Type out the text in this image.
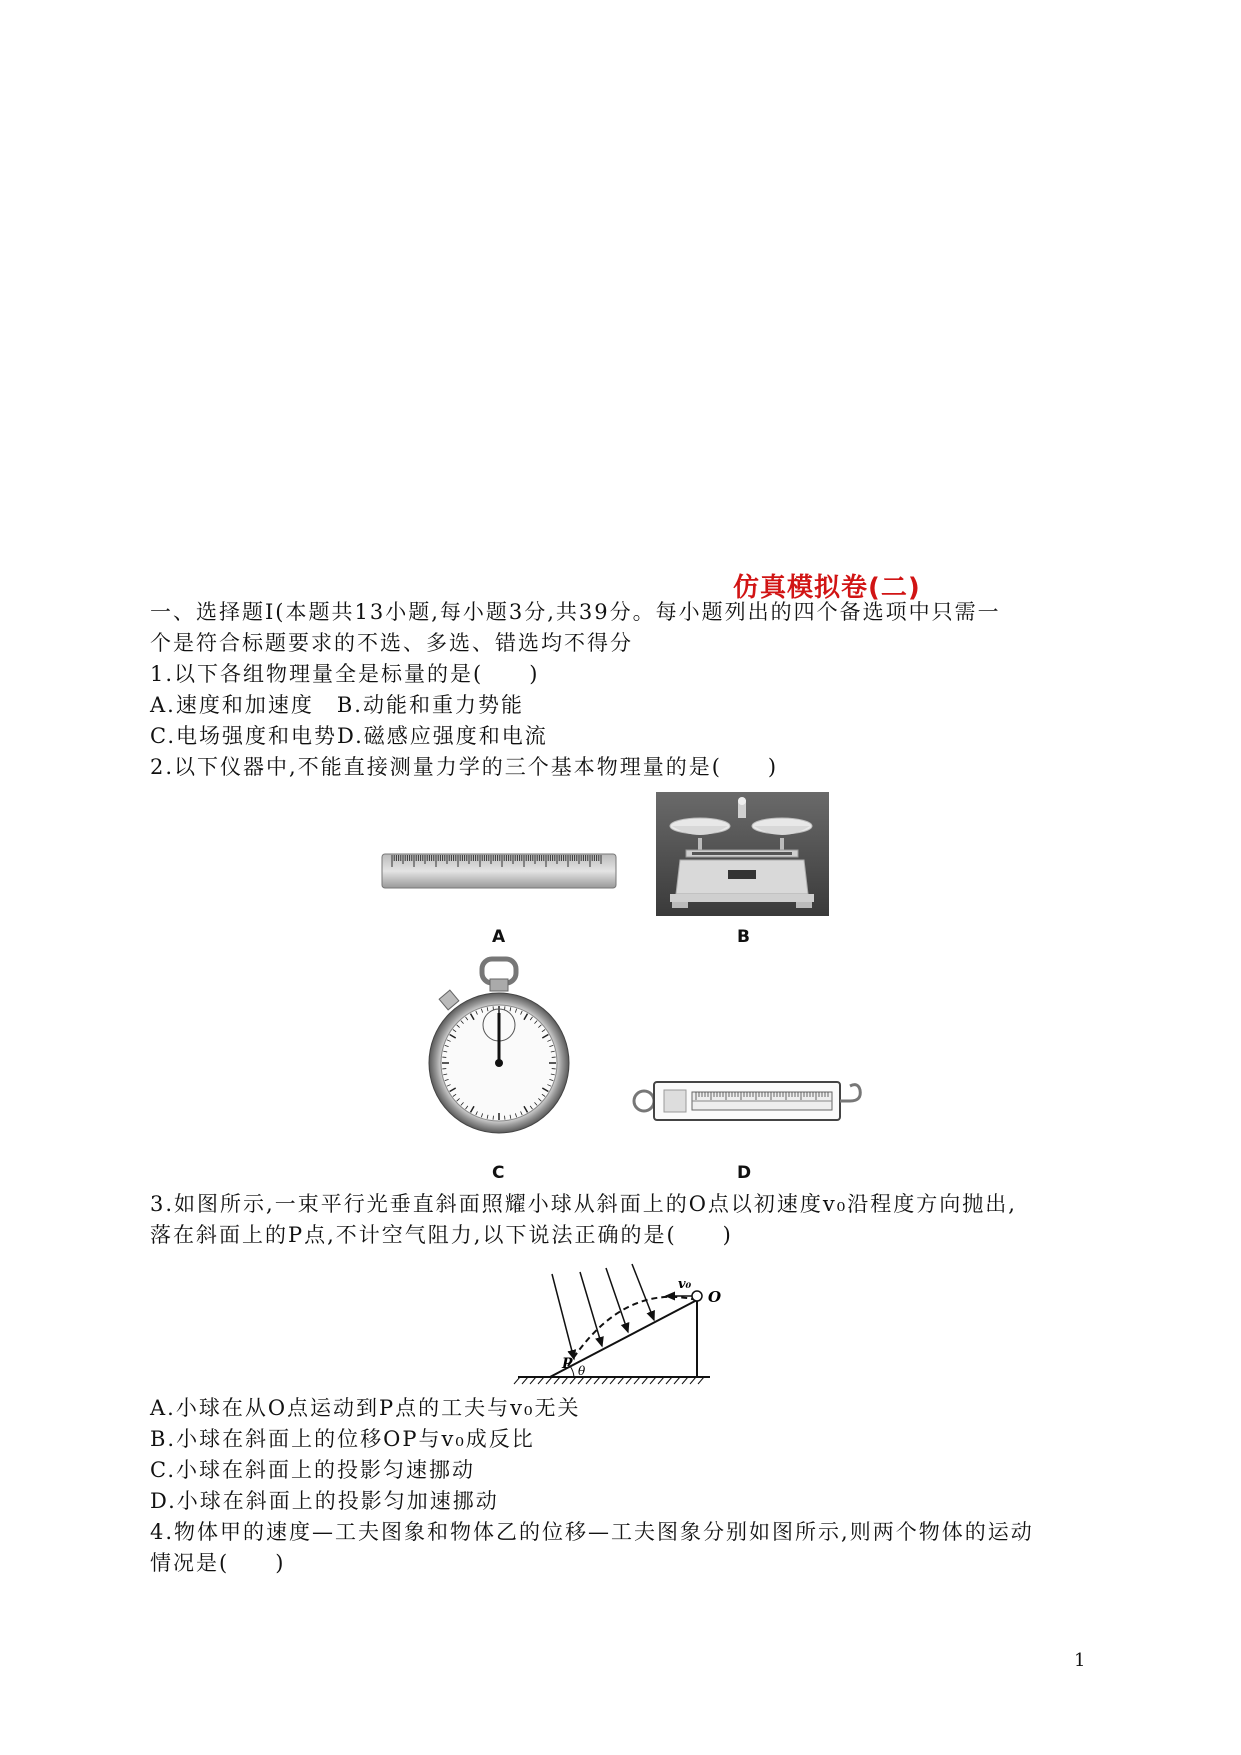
仿真模拟卷(二)
一、选择题Ⅰ(本题共13小题,每小题3分,共39分。每小题列出的四个备选项中只需一
个是符合标题要求的不选、多选、错选均不得分
1.以下各组物理量全是标量的是(　　)
A.速度和加速度　B.动能和重力势能
C.电场强度和电势D.磁感应强度和电流
2.以下仪器中,不能直接测量力学的三个基本物理量的是(　　)
A	B
C	D
3.如图所示,一束平行光垂直斜面照耀小球从斜面上的O点以初速度v₀沿程度方向抛出,
落在斜面上的P点,不计空气阻力,以下说法正确的是(　　)
v₀
O
P θ
A.小球在从O点运动到P点的工夫与v₀无关
B.小球在斜面上的位移OP与v₀成反比
C.小球在斜面上的投影匀速挪动
D.小球在斜面上的投影匀加速挪动
4.物体甲的速度—工夫图象和物体乙的位移—工夫图象分别如图所示,则两个物体的运动
情况是(　　)
1
